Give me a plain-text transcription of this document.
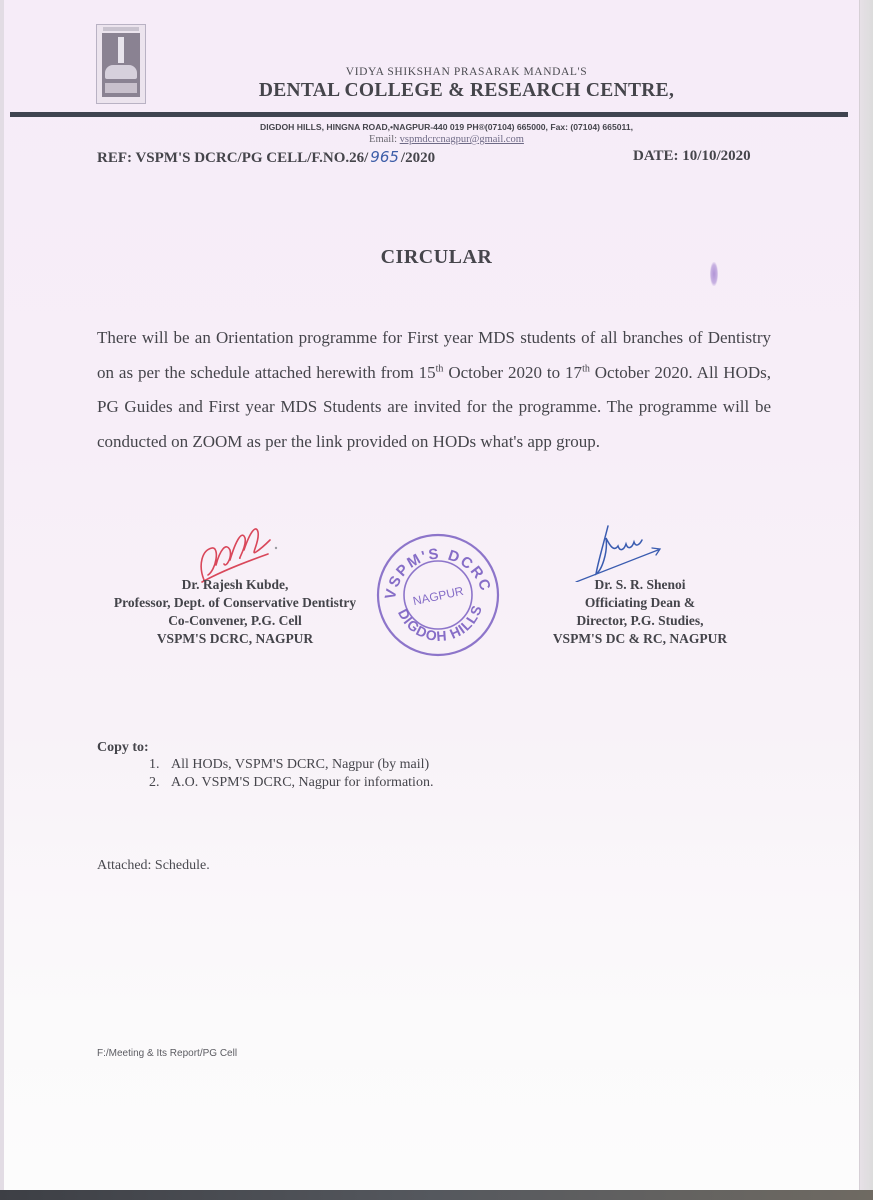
VIDYA SHIKSHAN PRASARAK MANDAL'S
DENTAL COLLEGE & RESEARCH CENTRE,
DIGDOH HILLS, HINGNA ROAD,•NAGPUR-440 019 PH®(07104) 665000, Fax: (07104) 665011,
Email: vspmdcrcnagpur@gmail.com
REF: VSPM'S DCRC/PG CELL/F.NO.26/ 965 /2020	DATE: 10/10/2020
CIRCULAR

There will be an Orientation programme for First year MDS students of all branches of Dentistry on as per the schedule attached herewith from 15th October 2020 to 17th October 2020. All HODs, PG Guides and First year MDS Students are invited for the programme. The programme will be conducted on ZOOM as per the link provided on HODs what's app group.

Dr. Rajesh Kubde,
Professor, Dept. of Conservative Dentistry
Co-Convener, P.G. Cell
VSPM'S DCRC, NAGPUR
VSPM'S DCRC
DIGDOH HILLS
NAGPUR	Dr. S. R. Shenoi
Officiating Dean &
Director, P.G. Studies,
VSPM'S DC & RC, NAGPUR
Copy to:
1. All HODs, VSPM'S DCRC, Nagpur (by mail)
2. A.O. VSPM'S DCRC, Nagpur for information.
Attached: Schedule.
F:/Meeting & Its Report/PG Cell
